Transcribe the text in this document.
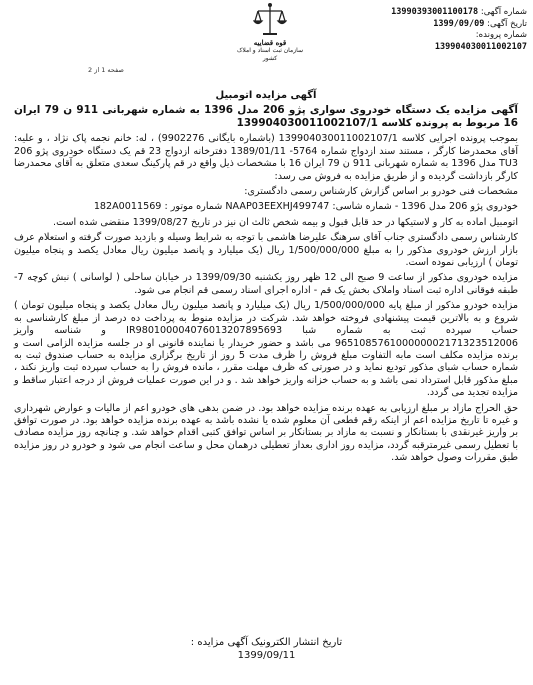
شماره آگهی: 13990393001100178
تاریخ آگهی: 1399/09/09
شماره پرونده:
139904030011002107
قوه قضاییه
سازمان ثبت اسناد و املاک کشور
صفحه 1 از 2
آگهی مزایده اتومبیل

آگهی مزایده یک دستگاه خودروی سواری پژو 206 مدل 1396 به شماره شهربانی 911 ن 79 ایران 16 مربوط به پرونده کلاسه 139904030011002107/1

بموجب پرونده اجرایی کلاسه 139904030011002107/1 (باشماره بایگانی 9902276) ، له: خانم نجمه پاک نژاد ، و علیه: آقای محمدرضا کارگر ، مستند سند ازدواج شماره 5764- 1389/01/11 دفترخانه ازدواج 23 قم یک دستگاه خودروی پژو 206 TU3 مدل 1396 به شماره شهربانی 911 ن 79 ایران 16 با مشخصات ذیل واقع در قم پارکینگ سعدی متعلق به آقای محمدرضا کارگر بازداشت گردیده و از طریق مزایده به فروش می رسد:

مشخصات فنی خودرو بر اساس گزارش کارشناس رسمی دادگستری:

خودروی پژو 206 مدل 1396 - شماره شاسی: NAAP03EEXHJ499747 شماره موتور : 182A0011569

اتومبیل اماده به کار و لاستیکها در حد قابل قبول و بیمه شخص ثالث ان نیز در تاریخ 1399/08/27 منقضی شده است.

کارشناس رسمی دادگستری جناب آقای سرهنگ علیرضا هاشمی با توجه به شرایط وسیله و بازدید صورت گرفته و استعلام عرف بازار ارزش خودروی مذکور را به مبلغ 1/500/000/000 ریال (یک میلیارد و پانصد میلیون ریال معادل یکصد و پنجاه میلیون تومان ) ارزیابی نموده است.

مزایده خودروی مذکور از ساعت 9 صبح الی 12 ظهر روز یکشنبه 1399/09/30 در خیابان ساحلی ( لواسانی ) نبش کوچه 7- طبقه فوقانی اداره ثبت اسناد واملاک بخش یک قم - اداره اجرای اسناد رسمی قم انجام می شود.

مزایده خودرو مذکور از مبلغ پایه 1/500/000/000 ریال (یک میلیارد و پانصد میلیون ریال معادل یکصد و پنجاه میلیون تومان ) شروع و به بالاترین قیمت پیشنهادی فروخته خواهد شد. شرکت در مزایده منوط به پرداخت ده درصد از مبلغ کارشناسی به حساب سپرده ثبت به شماره شبا IR980100004076013207895693 و شناسه واریز 965108576100000002171323512006 می باشد و حضور خریدار یا نماینده قانونی او در جلسه مزایده الزامی است و برنده مزایده مکلف است مابه التفاوت مبلغ فروش را ظرف مدت 5 روز از تاریخ برگزاری مزایده به حساب صندوق ثبت به شماره حساب شبای مذکور تودیع نماید و در صورتی که ظرف مهلت مقرر ، مانده فروش را به حساب سپرده ثبت واریز نکند ، مبلغ مذکور قابل استرداد نمی باشد و به حساب خزانه واریز خواهد شد . و در این صورت عملیات فروش از درجه اعتبار ساقط و مزایده تجدید می گردد.

حق الحراج مازاد بر مبلغ ارزیابی به عهده برنده مزایده خواهد بود. در ضمن بدهی های خودرو اعم از مالیات و عوارض شهرداری و غیره تا تاریخ مزایده اعم از اینکه رقم قطعی آن معلوم شده یا نشده باشد به عهده برنده مزایده خواهد بود. در صورت توافق بر واریز غیرنقدی با بستانکار و نسبت به مازاد بر بستانکار بر اساس توافق کتبی اقدام خواهد شد. و چنانچه روز مزایده مصادف با تعطیل رسمی غیرمترقبه گردد، مزایده روز اداری بعداز تعطیلی درهمان محل و ساعت انجام می شود و خودرو در روز مزایده طبق مقررات وصول خواهد شد.

تاریخ انتشار الکترونیک آگهی مزایده :
1399/09/11
